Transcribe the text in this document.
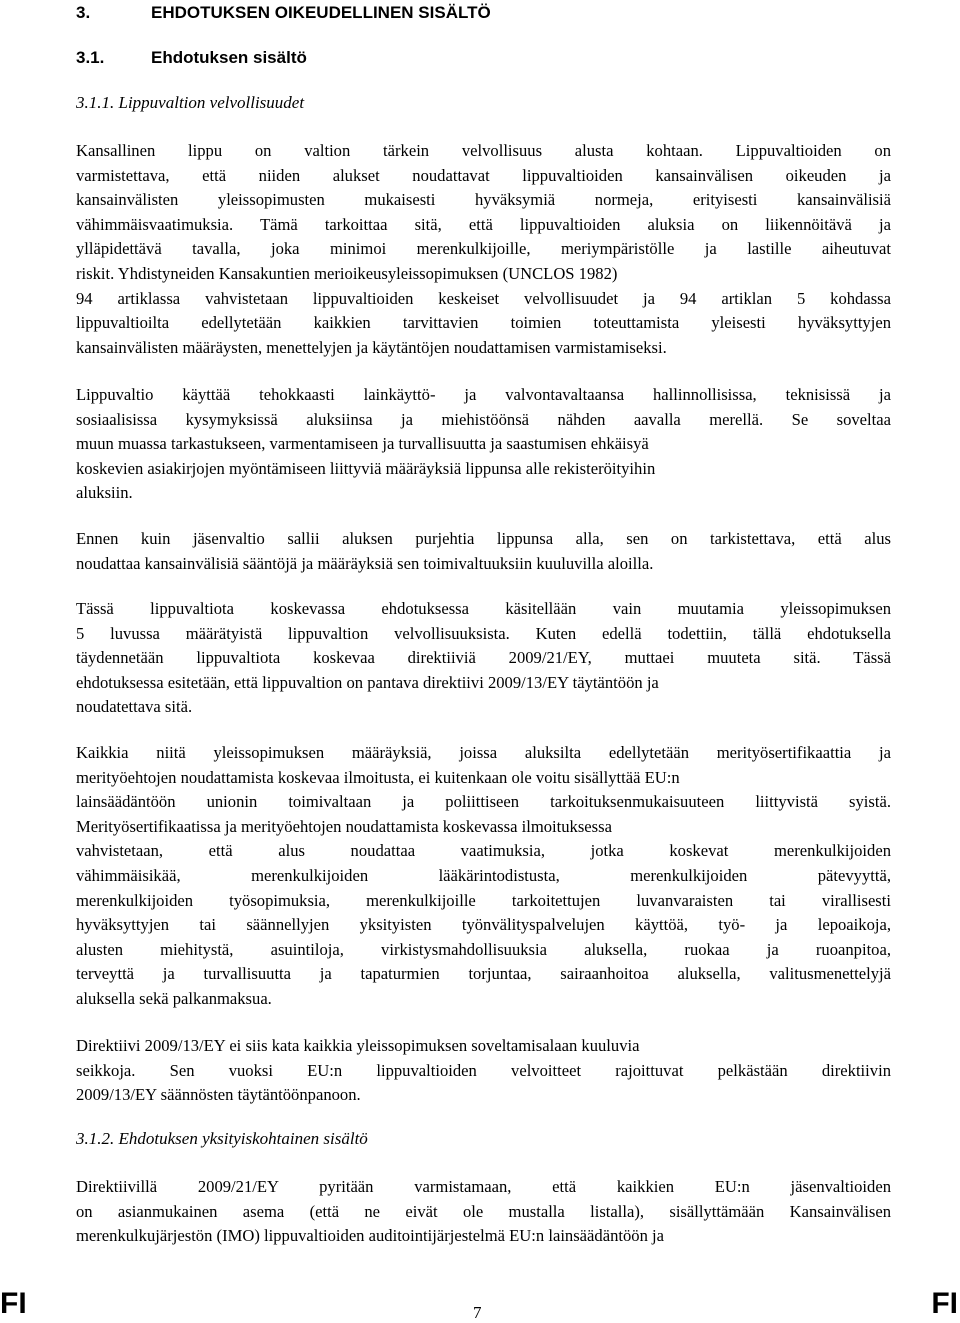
3.	EHDOTUKSEN OIKEUDELLINEN SISÄLTÖ
3.1.	Ehdotuksen sisältö
3.1.1. Lippuvaltion velvollisuudet
Kansallinen lippu on valtion tärkein velvollisuus alusta kohtaan. Lippuvaltioiden on
varmistettava, että niiden alukset noudattavat lippuvaltioiden kansainvälisen oikeuden ja
kansainvälisten yleissopimusten mukaisesti hyväksymiä normeja, erityisesti kansainvälisiä
vähimmäisvaatimuksia. Tämä tarkoittaa sitä, että lippuvaltioiden aluksia on liikennöitävä ja
ylläpidettävä tavalla, joka minimoi merenkulkijoille, meriympäristölle ja lastille aiheutuvat
riskit. Yhdistyneiden Kansakuntien merioikeusyleissopimuksen (UNCLOS 1982)
94 artiklassa vahvistetaan lippuvaltioiden keskeiset velvollisuudet ja 94 artiklan 5 kohdassa
lippuvaltioilta edellytetään kaikkien tarvittavien toimien toteuttamista yleisesti hyväksyttyjen
kansainvälisten määräysten, menettelyjen ja käytäntöjen noudattamisen varmistamiseksi.
Lippuvaltio käyttää tehokkaasti lainkäyttö- ja valvontavaltaansa hallinnollisissa, teknisissä ja
sosiaalisissa kysymyksissä aluksiinsa ja miehistöönsä nähden aavalla merellä. Se soveltaa
muun muassa tarkastukseen, varmentamiseen ja turvallisuutta ja saastumisen ehkäisyä
koskevien asiakirjojen myöntämiseen liittyviä määräyksiä lippunsa alle rekisteröityihin
aluksiin.
Ennen kuin jäsenvaltio sallii aluksen purjehtia lippunsa alla, sen on tarkistettava, että alus
noudattaa kansainvälisiä sääntöjä ja määräyksiä sen toimivaltuuksiin kuuluvilla aloilla.
Tässä lippuvaltiota koskevassa ehdotuksessa käsitellään vain muutamia yleissopimuksen
5 luvussa määrätyistä lippuvaltion velvollisuuksista. Kuten edellä todettiin, tällä ehdotuksella
täydennetään lippuvaltiota koskevaa direktiiviä 2009/21/EY, muttaei muuteta sitä. Tässä
ehdotuksessa esitetään, että lippuvaltion on pantava direktiivi 2009/13/EY täytäntöön ja
noudatettava sitä.
Kaikkia niitä yleissopimuksen määräyksiä, joissa aluksilta edellytetään merityösertifikaattia ja
merityöehtojen noudattamista koskevaa ilmoitusta, ei kuitenkaan ole voitu sisällyttää EU:n
lainsäädäntöön unionin toimivaltaan ja poliittiseen tarkoituksenmukaisuuteen liittyvistä syistä.
Merityösertifikaatissa ja merityöehtojen noudattamista koskevassa ilmoituksessa
vahvistetaan, että alus noudattaa vaatimuksia, jotka koskevat merenkulkijoiden
vähimmäisikää, merenkulkijoiden lääkärintodistusta, merenkulkijoiden pätevyyttä,
merenkulkijoiden työsopimuksia, merenkulkijoille tarkoitettujen luvanvaraisten tai virallisesti
hyväksyttyjen tai säännellyjen yksityisten työnvälityspalvelujen käyttöä, työ- ja lepoaikoja,
alusten miehitystä, asuintiloja, virkistysmahdollisuuksia aluksella, ruokaa ja ruoanpitoa,
terveyttä ja turvallisuutta ja tapaturmien torjuntaa, sairaanhoitoa aluksella, valitusmenettelyjä
aluksella sekä palkanmaksua.
Direktiivi 2009/13/EY ei siis kata kaikkia yleissopimuksen soveltamisalaan kuuluvia
seikkoja. Sen vuoksi EU:n lippuvaltioiden velvoitteet rajoittuvat pelkästään direktiivin
2009/13/EY säännösten täytäntöönpanoon.
3.1.2. Ehdotuksen yksityiskohtainen sisältö
Direktiivillä 2009/21/EY pyritään varmistamaan, että kaikkien EU:n jäsenvaltioiden
on asianmukainen asema (että ne eivät ole mustalla listalla), sisällyttämään Kansainvälisen
merenkulkujärjestön (IMO) lippuvaltioiden auditointijärjestelmä EU:n lainsäädäntöön ja
FI	7	FI
